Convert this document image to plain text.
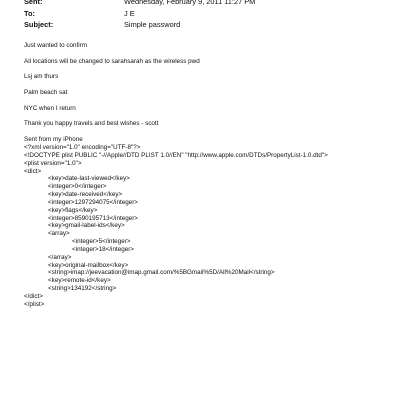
Sent:	Wednesday, February 9, 2011 11:27 PM
To:	J E
Subject:	Simple password
Just wanted to confirm
All locations will be changed to sarahsarah as the wireless pwd
Lsj am thurs
Palm beach sat
NYC when I return
Thank you happy travels and best wishes - scott
Sent from my iPhone
<?xml version="1.0" encoding="UTF-8"?>
<!DOCTYPE plist PUBLIC "-//Apple//DTD PLIST 1.0//EN" "http://www.apple.com/DTDs/PropertyList-1.0.dtd">
<plist version="1.0">
<dict>
<key>date-last-viewed</key>
<integer>0</integer>
<key>date-received</key>
<integer>1297294075</integer>
<key>flags</key>
<integer>8590195713</integer>
<key>gmail-label-ids</key>
<array>
<integer>5</integer>
<integer>18</integer>
</array>
<key>original-mailbox</key>
<string>imap://jeevacation@imap.gmail.com/%5BGmail%5D/All%20Mail</string>
<key>remote-id</key>
<string>134192</string>
</dict>
</plist>
